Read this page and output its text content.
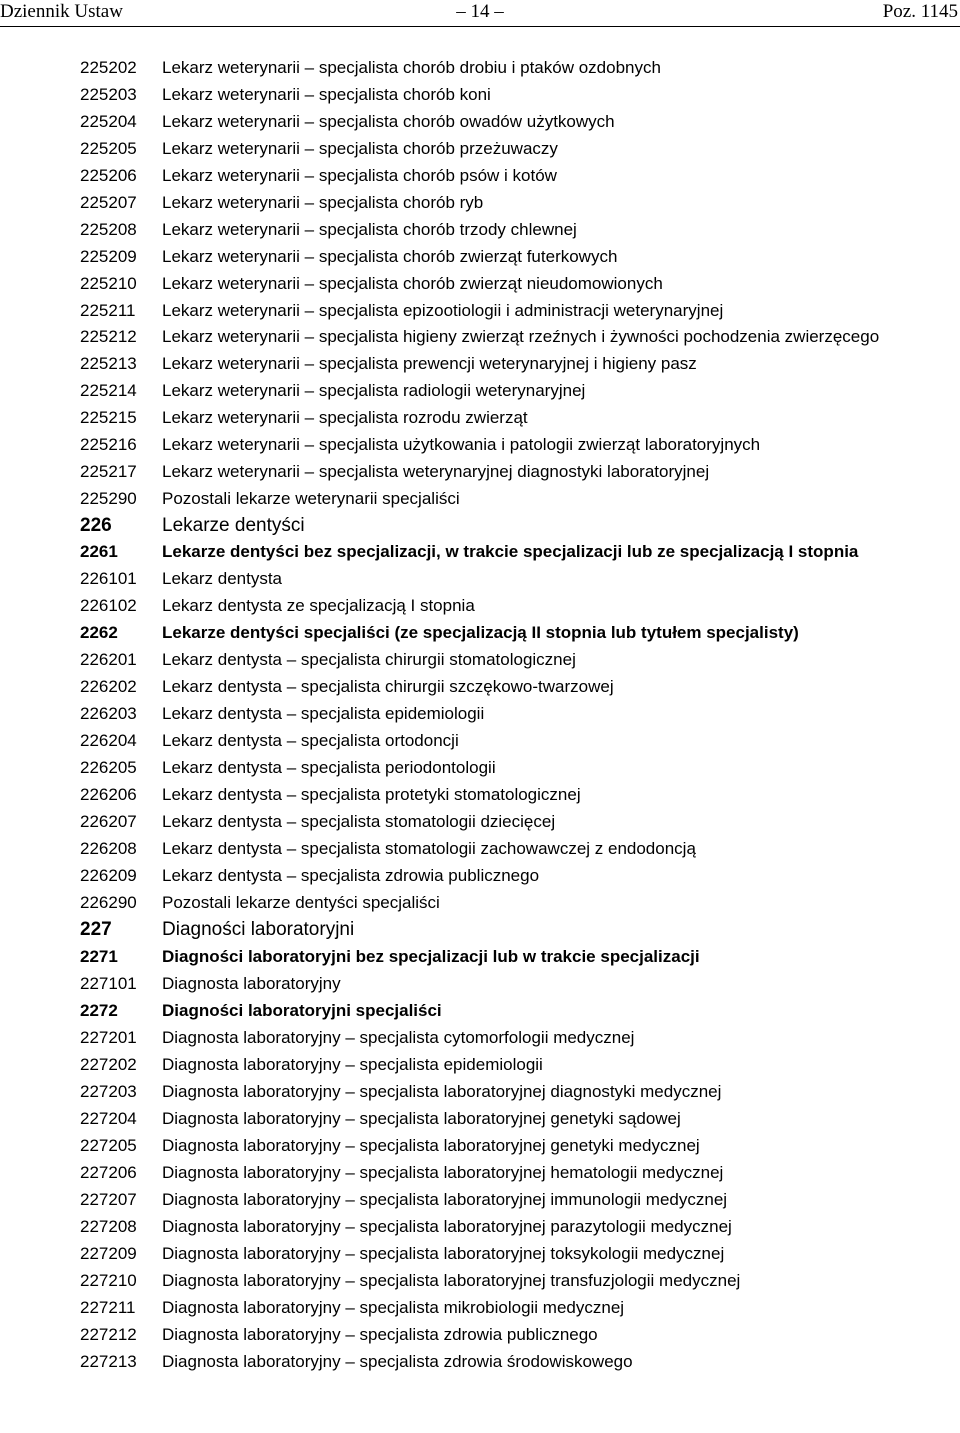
Dziennik Ustaw	– 14 –	Poz. 1145
225202	Lekarz weterynarii – specjalista chorób drobiu i ptaków ozdobnych
225203	Lekarz weterynarii – specjalista chorób koni
225204	Lekarz weterynarii – specjalista chorób owadów użytkowych
225205	Lekarz weterynarii – specjalista chorób przeżuwaczy
225206	Lekarz weterynarii – specjalista chorób psów i kotów
225207	Lekarz weterynarii – specjalista chorób ryb
225208	Lekarz weterynarii – specjalista chorób trzody chlewnej
225209	Lekarz weterynarii – specjalista chorób zwierząt futerkowych
225210	Lekarz weterynarii – specjalista chorób zwierząt nieudomowionych
225211	Lekarz weterynarii – specjalista epizootiologii i administracji weterynaryjnej
225212	Lekarz weterynarii – specjalista higieny zwierząt rzeźnych i żywności pochodzenia zwierzęcego
225213	Lekarz weterynarii – specjalista prewencji weterynaryjnej i higieny pasz
225214	Lekarz weterynarii – specjalista radiologii weterynaryjnej
225215	Lekarz weterynarii – specjalista rozrodu zwierząt
225216	Lekarz weterynarii – specjalista użytkowania i patologii zwierząt laboratoryjnych
225217	Lekarz weterynarii – specjalista weterynaryjnej diagnostyki laboratoryjnej
225290	Pozostali lekarze weterynarii specjaliści
226	Lekarze dentyści
2261	Lekarze dentyści bez specjalizacji, w trakcie specjalizacji lub ze specjalizacją I stopnia
226101	Lekarz dentysta
226102	Lekarz dentysta ze specjalizacją I stopnia
2262	Lekarze dentyści specjaliści (ze specjalizacją II stopnia lub tytułem specjalisty)
226201	Lekarz dentysta – specjalista chirurgii stomatologicznej
226202	Lekarz dentysta – specjalista chirurgii szczękowo-twarzowej
226203	Lekarz dentysta – specjalista epidemiologii
226204	Lekarz dentysta – specjalista ortodoncji
226205	Lekarz dentysta – specjalista periodontologii
226206	Lekarz dentysta – specjalista protetyki stomatologicznej
226207	Lekarz dentysta – specjalista stomatologii dziecięcej
226208	Lekarz dentysta – specjalista stomatologii zachowawczej z endodoncją
226209	Lekarz dentysta – specjalista zdrowia publicznego
226290	Pozostali lekarze dentyści specjaliści
227	Diagności laboratoryjni
2271	Diagności laboratoryjni bez specjalizacji lub w trakcie specjalizacji
227101	Diagnosta laboratoryjny
2272	Diagności laboratoryjni specjaliści
227201	Diagnosta laboratoryjny – specjalista cytomorfologii medycznej
227202	Diagnosta laboratoryjny – specjalista epidemiologii
227203	Diagnosta laboratoryjny – specjalista laboratoryjnej diagnostyki medycznej
227204	Diagnosta laboratoryjny – specjalista laboratoryjnej genetyki sądowej
227205	Diagnosta laboratoryjny – specjalista laboratoryjnej genetyki medycznej
227206	Diagnosta laboratoryjny – specjalista laboratoryjnej hematologii medycznej
227207	Diagnosta laboratoryjny – specjalista laboratoryjnej immunologii medycznej
227208	Diagnosta laboratoryjny – specjalista laboratoryjnej parazytologii medycznej
227209	Diagnosta laboratoryjny – specjalista laboratoryjnej toksykologii medycznej
227210	Diagnosta laboratoryjny – specjalista laboratoryjnej transfuzjologii medycznej
227211	Diagnosta laboratoryjny – specjalista mikrobiologii medycznej
227212	Diagnosta laboratoryjny – specjalista zdrowia publicznego
227213	Diagnosta laboratoryjny – specjalista zdrowia środowiskowego
